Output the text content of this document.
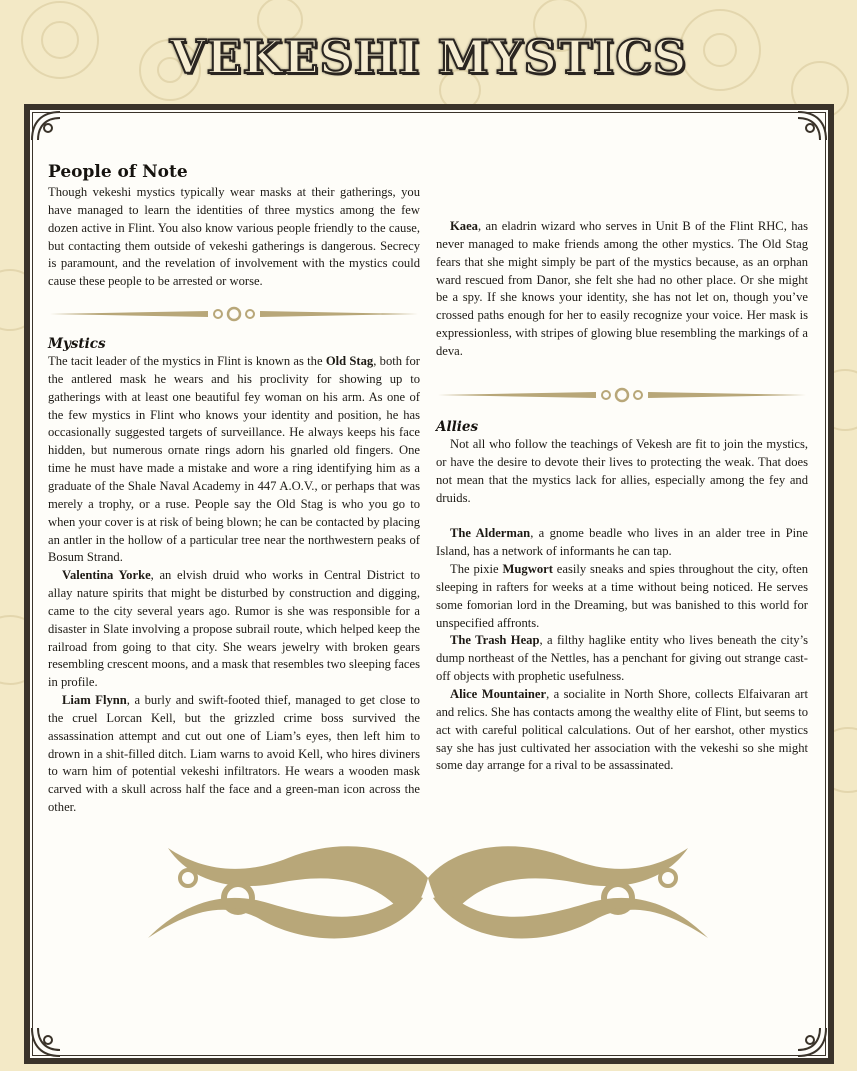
VEKESHI MYSTICS
People of Note

Though vekeshi mystics typically wear masks at their gatherings, you have managed to learn the identities of three mystics among the few dozen active in Flint. You also know various people friendly to the cause, but contacting them outside of vekeshi gatherings is dangerous. Secrecy is paramount, and the revelation of involvement with the mystics could cause these people to be arrested or worse.

Mystics

The tacit leader of the mystics in Flint is known as the Old Stag, both for the antlered mask he wears and his proclivity for showing up to gatherings with at least one beautiful fey woman on his arm. As one of the few mystics in Flint who knows your identity and position, he has occasionally suggested targets of surveillance. He always keeps his face hidden, but numerous ornate rings adorn his gnarled old fingers. One time he must have made a mistake and wore a ring identifying him as a graduate of the Shale Naval Academy in 447 A.O.V., or perhaps that was merely a trophy, or a ruse. People say the Old Stag is who you go to when your cover is at risk of being blown; he can be contacted by placing an antler in the hollow of a particular tree near the northwestern peaks of Bosum Strand.

Valentina Yorke, an elvish druid who works in Central District to allay nature spirits that might be disturbed by construction and digging, came to the city several years ago. Rumor is she was responsible for a disaster in Slate involving a propose subrail route, which helped keep the railroad from going to that city. She wears jewelry with broken gears resembling crescent moons, and a mask that resembles two sleeping faces in profile.

Liam Flynn, a burly and swift-footed thief, managed to get close to the cruel Lorcan Kell, but the grizzled crime boss survived the assassination attempt and cut out one of Liam’s eyes, then left him to drown in a shit-filled ditch. Liam warns to avoid Kell, who hires diviners to warn him of potential vekeshi infiltrators. He wears a wooden mask carved with a skull across half the face and a green-man icon across the other.

Allies

Not all who follow the teachings of Vekesh are fit to join the mystics, or have the desire to devote their lives to protecting the weak. That does not mean that the mystics lack for allies, especially among the fey and druids.

The Alderman, a gnome beadle who lives in an alder tree in Pine Island, has a network of informants he can tap.

The pixie Mugwort easily sneaks and spies throughout the city, often sleeping in rafters for weeks at a time without being noticed. He serves some fomorian lord in the Dreaming, but was banished to this world for unspecified affronts.

The Trash Heap, a filthy haglike entity who lives beneath the city’s dump northeast of the Nettles, has a penchant for giving out strange cast-off objects with prophetic usefulness.

Alice Mountainer, a socialite in North Shore, collects Elfaivaran art and relics. She has contacts among the wealthy elite of Flint, but seems to act with careful political calculations. Out of her earshot, other mystics say she has just cultivated her association with the vekeshi so she might some day arrange for a rival to be assassinated.

Kaea, an eladrin wizard who serves in Unit B of the Flint RHC, has never managed to make friends among the other mystics. The Old Stag fears that she might simply be part of the mystics because, as an orphan ward rescued from Danor, she felt she had no other place. Or she might be a spy. If she knows your identity, she has not let on, though you’ve crossed paths enough for her to easily recognize your voice. Her mask is expressionless, with stripes of glowing blue resembling the markings of a deva.
